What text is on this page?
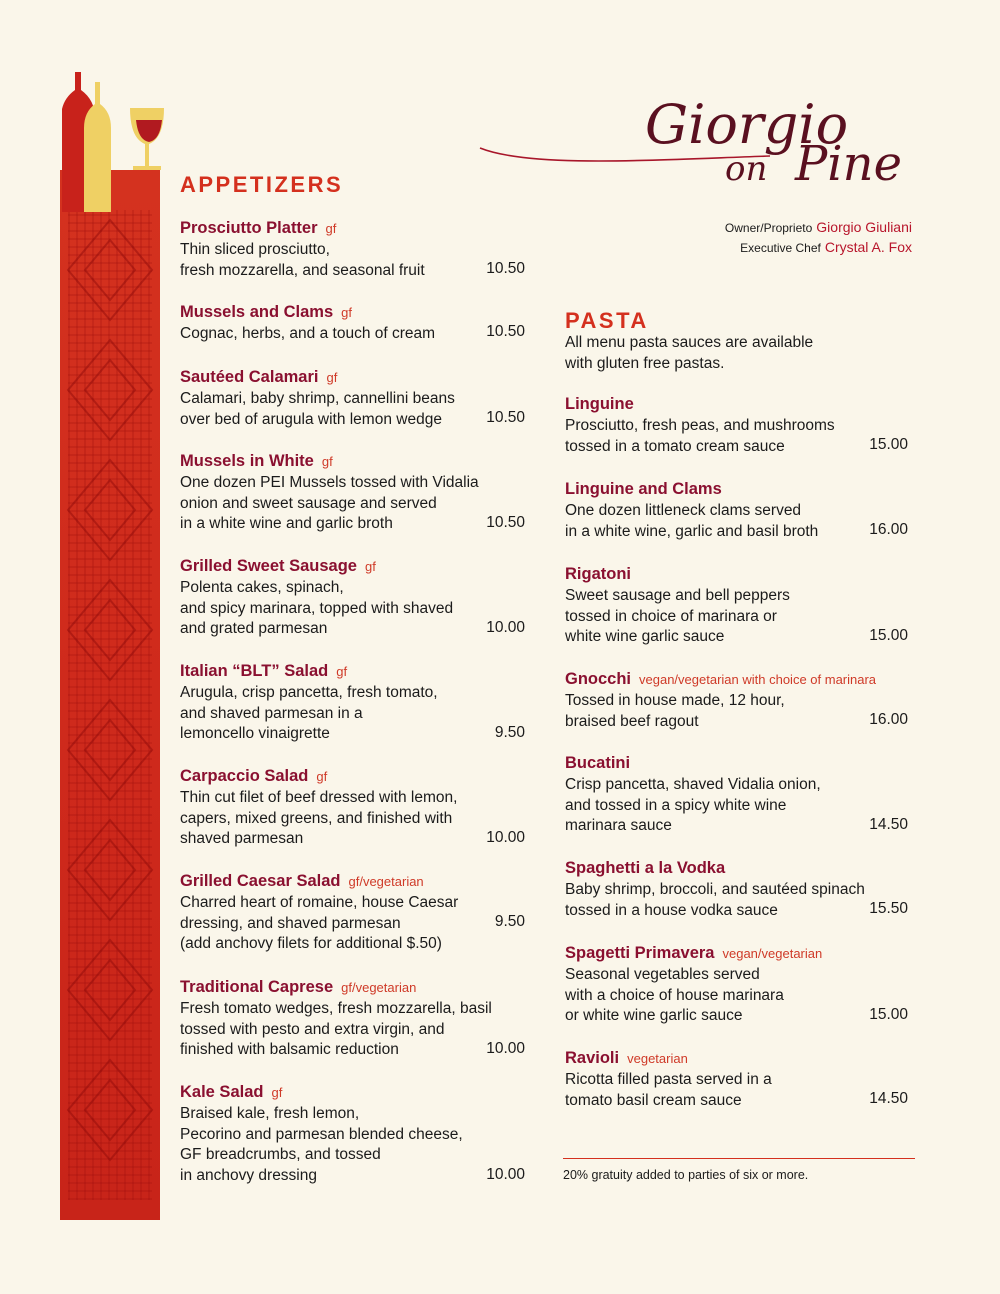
Giorgio
on Pine
Owner/Proprieto Giorgio Giuliani
Executive Chef Crystal A. Fox
APPETIZERS
PASTA
All menu pasta sauces are available
with gluten free pastas.
Prosciutto Platter gf
Thin sliced prosciutto,
fresh mozzarella, and seasonal fruit	10.50
Mussels and Clams gf
Cognac, herbs, and a touch of cream	10.50
Sautéed Calamari gf
Calamari, baby shrimp, cannellini beans
over bed of arugula with lemon wedge	10.50
Mussels in White gf
One dozen PEI Mussels tossed with Vidalia
onion and sweet sausage and served
in a white wine and garlic broth	10.50
Grilled Sweet Sausage gf
Polenta cakes, spinach,
and spicy marinara, topped with shaved
and grated parmesan	10.00
Italian “BLT” Salad gf
Arugula, crisp pancetta, fresh tomato,
and shaved parmesan in a
lemoncello vinaigrette	9.50
Carpaccio Salad gf
Thin cut filet of beef dressed with lemon,
capers, mixed greens, and finished with
shaved parmesan	10.00
Grilled Caesar Salad gf/vegetarian
Charred heart of romaine, house Caesar
dressing, and shaved parmesan
(add anchovy filets for additional $.50)
9.50
Traditional Caprese gf/vegetarian
Fresh tomato wedges, fresh mozzarella, basil
tossed with pesto and extra virgin, and
finished with balsamic reduction	10.00
Kale Salad gf
Braised kale, fresh lemon,
Pecorino and parmesan blended cheese,
GF breadcrumbs, and tossed
in anchovy dressing	10.00
Linguine
Prosciutto, fresh peas, and mushrooms
tossed in a tomato cream sauce	15.00
Linguine and Clams
One dozen littleneck clams served
in a white wine, garlic and basil broth	16.00
Rigatoni
Sweet sausage and bell peppers
tossed in choice of marinara or
white wine garlic sauce	15.00
Gnocchi vegan/vegetarian with choice of marinara
Tossed in house made, 12 hour,
braised beef ragout	16.00
Bucatini
Crisp pancetta, shaved Vidalia onion,
and tossed in a spicy white wine
marinara sauce	14.50
Spaghetti a la Vodka
Baby shrimp, broccoli, and sautéed spinach
tossed in a house vodka sauce	15.50
Spagetti Primavera vegan/vegetarian
Seasonal vegetables served
with a choice of house marinara
or white wine garlic sauce	15.00
Ravioli vegetarian
Ricotta filled pasta served in a
tomato basil cream sauce	14.50
20% gratuity added to parties of six or more.
